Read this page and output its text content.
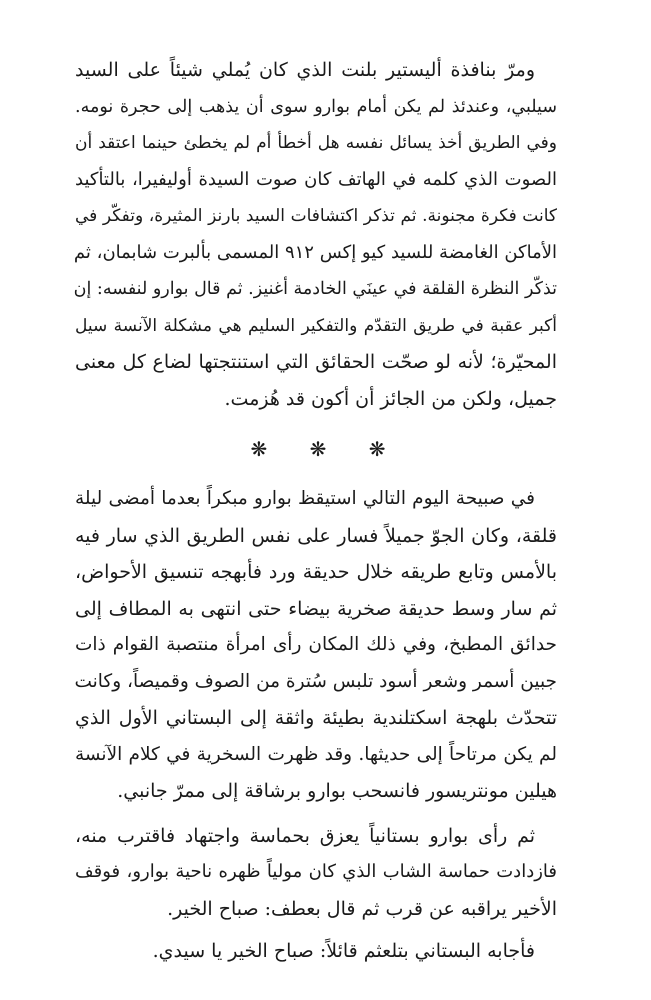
ومرّ بنافذة أليستير بلنت الذي كان يُملي شيئاً على السيد
سيلبي، وعندئذ لم يكن أمام بوارو سوى أن يذهب إلى حجرة نومه.
وفي الطريق أخذ يسائل نفسه هل أخطأ أم لم يخطئ حينما اعتقد أن
الصوت الذي كلمه في الهاتف كان صوت السيدة أوليفيرا، بالتأكيد
كانت فكرة مجنونة. ثم تذكر اكتشافات السيد بارنز المثيرة، وتفكّر في
الأماكن الغامضة للسيد كيو إكس ٩١٢ المسمى بألبرت شابمان، ثم
تذكّر النظرة القلقة في عينَي الخادمة أغنيز. ثم قال بوارو لنفسه: إن
أكبر عقبة في طريق التقدّم والتفكير السليم هي مشكلة الآنسة سيل
المحيّرة؛ لأنه لو صحّت الحقائق التي استنتجتها لضاع كل معنى
جميل، ولكن من الجائز أن أكون قد هُزمت.
❋ ❋ ❋
في صبيحة اليوم التالي استيقظ بوارو مبكراً بعدما أمضى ليلة
قلقة، وكان الجوّ جميلاً فسار على نفس الطريق الذي سار فيه
بالأمس وتابع طريقه خلال حديقة ورد فأبهجه تنسيق الأحواض،
ثم سار وسط حديقة صخرية بيضاء حتى انتهى به المطاف إلى
حدائق المطبخ، وفي ذلك المكان رأى امرأة منتصبة القوام ذات
جبين أسمر وشعر أسود تلبس سُترة من الصوف وقميصاً، وكانت
تتحدّث بلهجة اسكتلندية بطيئة واثقة إلى البستاني الأول الذي
لم يكن مرتاحاً إلى حديثها. وقد ظهرت السخرية في كلام الآنسة
هيلين مونتريسور فانسحب بوارو برشاقة إلى ممرّ جانبي.
ثم رأى بوارو بستانياً يعزق بحماسة واجتهاد فاقترب منه،
فازدادت حماسة الشاب الذي كان مولياً ظهره ناحية بوارو، فوقف
الأخير يراقبه عن قرب ثم قال بعطف: صباح الخير.
فأجابه البستاني بتلعثم قائلاً: صباح الخير يا سيدي.
